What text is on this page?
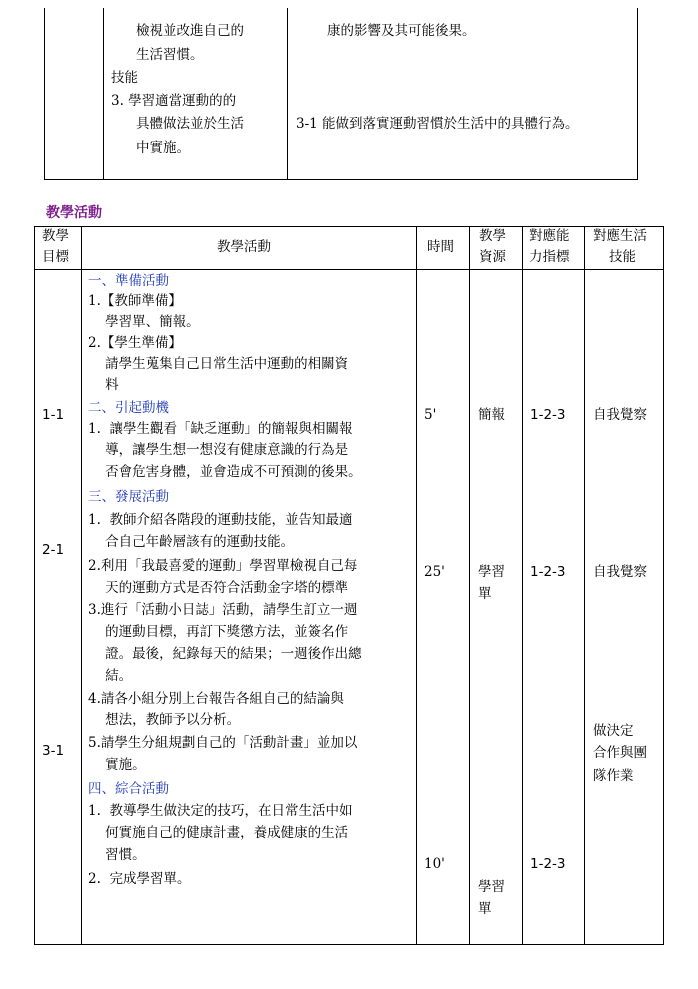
檢視並改進自己的
生活習慣。
技能
3. 學習適當運動的的
具體做法並於生活
中實施。
康的影響及其可能後果。
3-1 能做到落實運動習慣於生活中的具體行為。
教學活動
教學
目標
教學活動	時間
教學
資源
對應能
力指標
對應生活
技能
1-1
2-1
3-1
一、準備活動
1.【教師準備】
學習單、簡報。
2.【學生準備】
請學生蒐集自己日常生活中運動的相關資
料
二、引起動機
1.  讓學生觀看「缺乏運動」的簡報與相關報
導，讓學生想一想沒有健康意識的行為是
否會危害身體，並會造成不可預測的後果。
三、發展活動
1.  教師介紹各階段的運動技能，並告知最適
合自己年齡層該有的運動技能。
2.利用「我最喜愛的運動」學習單檢視自己每
天的運動方式是否符合活動金字塔的標準
3.進行「活動小日誌」活動，請學生訂立一週
的運動目標，再訂下獎懲方法，並簽名作
證。最後，紀錄每天的結果；一週後作出總
結。
4.請各小組分別上台報告各組自己的結論與
想法，教師予以分析。
5.請學生分組規劃自己的「活動計畫」並加以
實施。
四、綜合活動
1.  教導學生做決定的技巧，在日常生活中如
何實施自己的健康計畫，養成健康的生活
習慣。
2.  完成學習單。
5'
25'
10'
簡報
學習
單
學習
單
1-2-3
1-2-3
1-2-3
自我覺察
自我覺察
做決定
合作與團
隊作業
